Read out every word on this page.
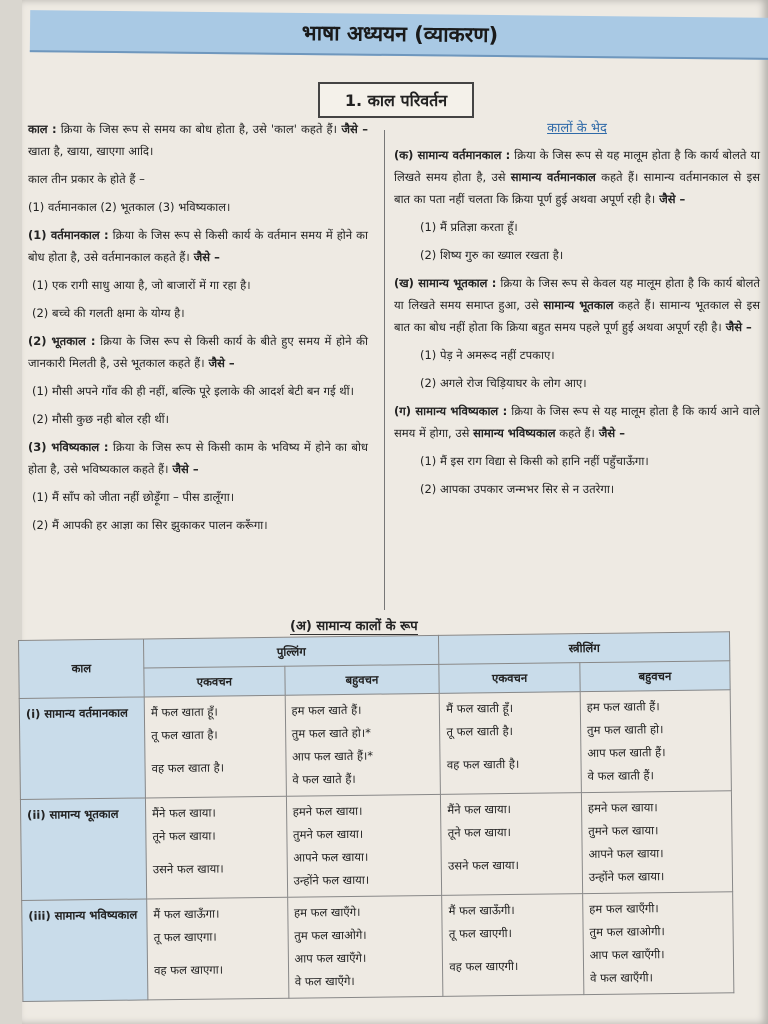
भाषा अध्ययन (व्याकरण)
1. काल परिवर्तन

काल : क्रिया के जिस रूप से समय का बोध होता है, उसे 'काल' कहते हैं। जैसे – खाता है, खाया, खाएगा आदि।

काल तीन प्रकार के होते हैं –

(1) वर्तमानकाल (2) भूतकाल (3) भविष्यकाल।

(1) वर्तमानकाल : क्रिया के जिस रूप से किसी कार्य के वर्तमान समय में होने का बोध होता है, उसे वर्तमानकाल कहते हैं। जैसे –

(1) एक रागी साधु आया है, जो बाजारों में गा रहा है।

(2) बच्चे की गलती क्षमा के योग्य है।

(2) भूतकाल : क्रिया के जिस रूप से किसी कार्य के बीते हुए समय में होने की जानकारी मिलती है, उसे भूतकाल कहते हैं। जैसे –

(1) मौसी अपने गाँव की ही नहीं, बल्कि पूरे इलाके की आदर्श बेटी बन गई थीं।

(2) मौसी कुछ नही बोल रही थीं।

(3) भविष्यकाल : क्रिया के जिस रूप से किसी काम के भविष्य में होने का बोध होता है, उसे भविष्यकाल कहते हैं। जैसे –

(1) मैं साँप को जीता नहीं छोड़ूँगा – पीस डालूँगा।

(2) मैं आपकी हर आज्ञा का सिर झुकाकर पालन करूँगा।

कालों के भेद

(क) सामान्य वर्तमानकाल : क्रिया के जिस रूप से यह मालूम होता है कि कार्य बोलते या लिखते समय होता है, उसे सामान्य वर्तमानकाल कहते हैं। सामान्य वर्तमानकाल से इस बात का पता नहीं चलता कि क्रिया पूर्ण हुई अथवा अपूर्ण रही है। जैसे –

(1) मैं प्रतिज्ञा करता हूँ।

(2) शिष्य गुरु का ख्याल रखता है।

(ख) सामान्य भूतकाल : क्रिया के जिस रूप से केवल यह मालूम होता है कि कार्य बोलते या लिखते समय समाप्त हुआ, उसे सामान्य भूतकाल कहते हैं। सामान्य भूतकाल से इस बात का बोध नहीं होता कि क्रिया बहुत समय पहले पूर्ण हुई अथवा अपूर्ण रही है। जैसे –

(1) पेड़ ने अमरूद नहीं टपकाए।

(2) अगले रोज चिड़ियाघर के लोग आए।

(ग) सामान्य भविष्यकाल : क्रिया के जिस रूप से यह मालूम होता है कि कार्य आने वाले समय में होगा, उसे सामान्य भविष्यकाल कहते हैं। जैसे –

(1) मैं इस राग विद्या से किसी को हानि नहीं पहुँचाऊँगा।

(2) आपका उपकार जन्मभर सिर से न उतरेगा।

(अ) सामान्य कालों के रूप
काल	पुल्लिंग		स्त्रीलिंग	
	एकवचन	बहुवचन	एकवचन	बहुवचन
(i) सामान्य वर्तमानकाल	मैं फल खाता हूँ।
तू फल खाता है।
वह फल खाता है।	हम फल खाते हैं।
तुम फल खाते हो।*
आप फल खाते हैं।*
वे फल खाते हैं।	मैं फल खाती हूँ।
तू फल खाती है।
वह फल खाती है।	हम फल खाती हैं।
तुम फल खाती हो।
आप फल खाती हैं।
वे फल खाती हैं।

(ii) सामान्य भूतकाल	मैंने फल खाया।
तूने फल खाया।
उसने फल खाया।	हमने फल खाया।
तुमने फल खाया।
आपने फल खाया।
उन्होंने फल खाया।	मैंने फल खाया।
तूने फल खाया।
उसने फल खाया।	हमने फल खाया।
तुमने फल खाया।
आपने फल खाया।
उन्होंने फल खाया।

(iii) सामान्य भविष्यकाल	मैं फल खाऊँगा।
तू फल खाएगा।
वह फल खाएगा।	हम फल खाएँगे।
तुम फल खाओगे।
आप फल खाएँगे।
वे फल खाएँगे।	मैं फल खाऊँगी।
तू फल खाएगी।
वह फल खाएगी।	हम फल खाएँगी।
तुम फल खाओगी।
आप फल खाएँगी।
वे फल खाएँगी।
